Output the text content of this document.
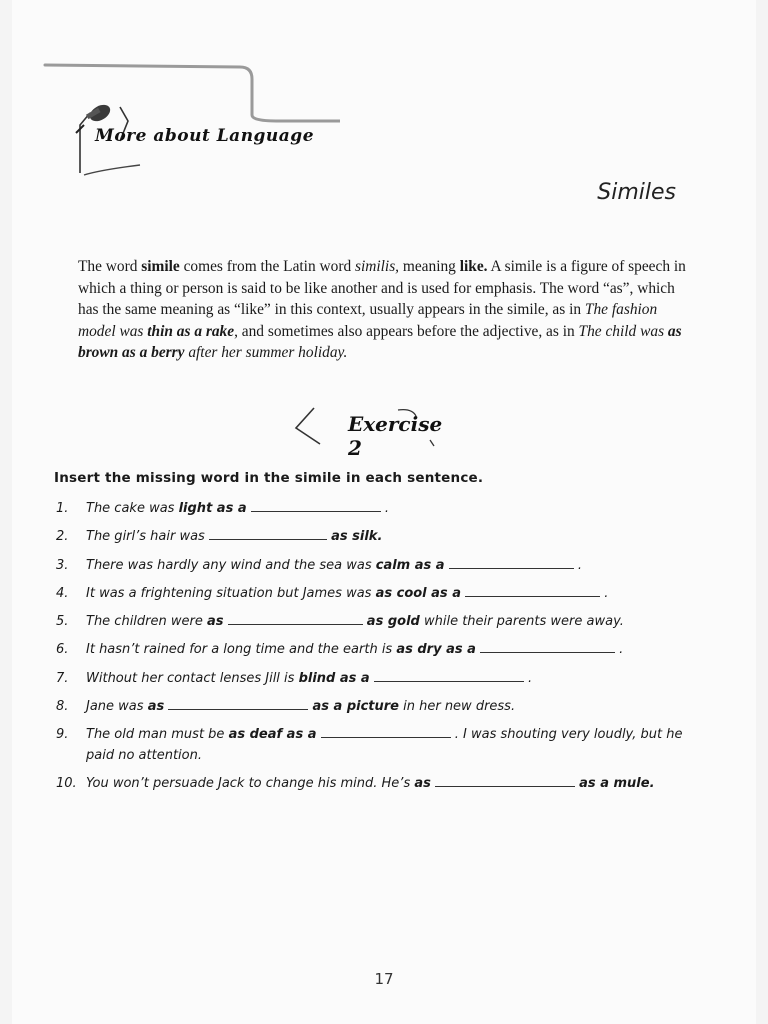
More about Language
Similes

The word simile comes from the Latin word similis, meaning like. A simile is a figure of speech in which a thing or person is said to be like another and is used for emphasis. The word “as”, which has the same meaning as “like” in this context, usually appears in the simile, as in The fashion model was thin as a rake, and sometimes also appears before the adjective, as in The child was as brown as a berry after her summer holiday.

Exercise 2
Insert the missing word in the simile in each sentence.
1.	The cake was light as a	.
2.	The girl’s hair was	as silk.
3.	There was hardly any wind and the sea was calm as a	.
4.	It was a frightening situation but James was as cool as a	.
5.	The children were as	as gold while their parents were away.
6.	It hasn’t rained for a long time and the earth is as dry as a	.
7.	Without her contact lenses Jill is blind as a	.
8.	Jane was as	as a picture in her new dress.
9.	The old man must be as deaf as a	. I was shouting very loudly, but he paid no attention.
10. You won’t persuade Jack to change his mind. He’s as	as a mule.
17
